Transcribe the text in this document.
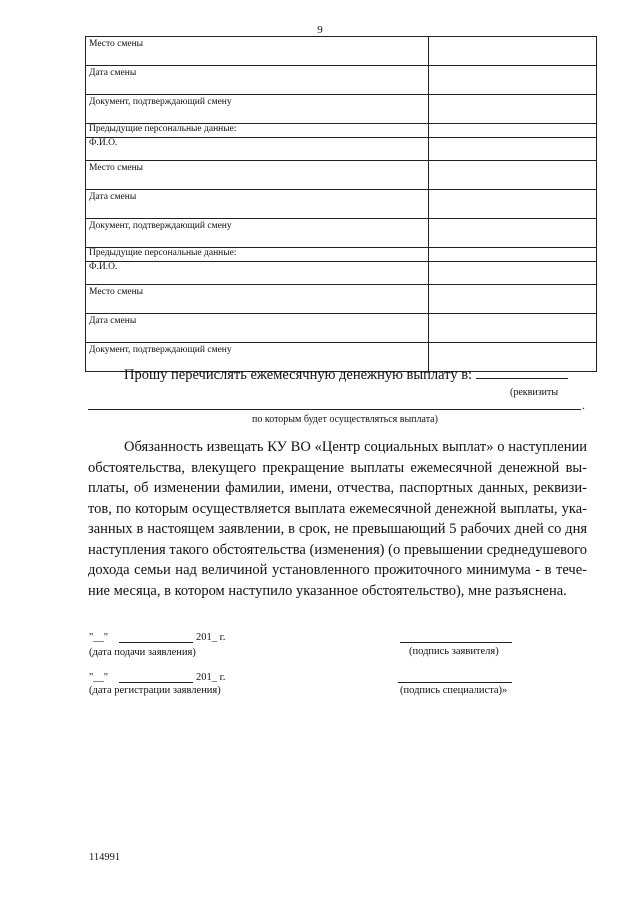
9
Место смены	
Дата смены	
Документ, подтверждающий смену	
Предыдущие персональные данные:	
Ф.И.О.	
Место смены	
Дата смены	
Документ, подтверждающий смену	
Предыдущие персональные данные:	
Ф.И.О.	
Место смены	
Дата смены	
Документ, подтверждающий смену	
Прошу перечислять ежемесячную денежную выплату в:
(реквизиты
.
по которым будет осуществляться выплата)
Обязанность извещать КУ ВО «Центр социальных выплат» о наступлении
обстоятельства, влекущего прекращение выплаты ежемесячной денежной вы-
платы, об изменении фамилии, имени, отчества, паспортных данных, реквизи-
тов, по которым осуществляется выплата ежемесячной денежной выплаты, ука-
занных в настоящем заявлении, в срок, не превышающий 5 рабочих дней со дня
наступления такого обстоятельства (изменения) (о превышении среднедушевого
дохода семьи над величиной установленного прожиточного минимума - в тече-
ние месяца, в котором наступило указанное обстоятельство), мне разъяснена.
"__"	201_ г.
(дата подачи заявления)	(подпись заявителя)
"__"	201_ г.
(дата регистрации заявления)	(подпись специалиста)»
114991
